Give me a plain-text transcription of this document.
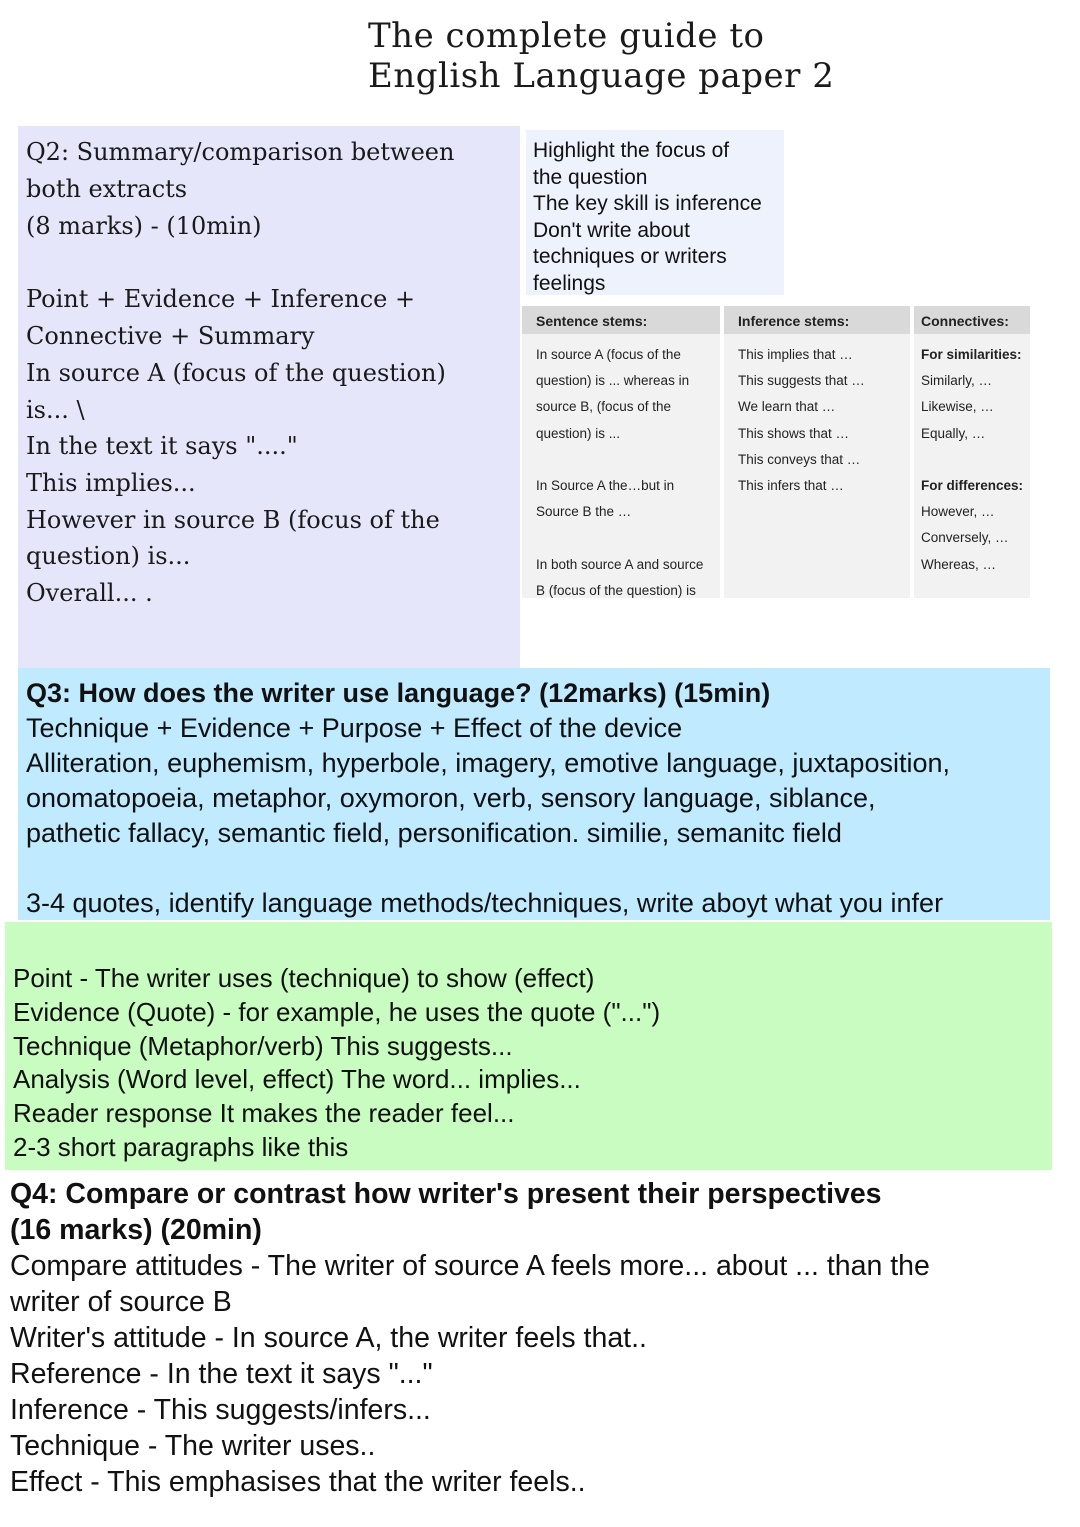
The complete guide to
English Language paper 2
Q2: Summary/comparison between
both extracts
(8 marks) - (10min)
Point + Evidence + Inference +
Connective + Summary
In source A (focus of the question)
is... \
In the text it says "...."
This implies...
However in source B (focus of the
question) is...
Overall... .
Highlight the focus of
the question
The key skill is inference
Don't write about
techniques or writers
feelings
Sentence stems:
In source A (focus of the
question) is ... whereas in
source B, (focus of the
question) is ...
In Source A the…but in
Source B the …
In both source A and source
B (focus of the question) is
Inference stems:
This implies that …
This suggests that …
We learn that …
This shows that …
This conveys that …
This infers that …
Connectives:
For similarities:
Similarly, …
Likewise, …
Equally, …
For differences:
However, …
Conversely, …
Whereas, …
Q3: How does the writer use language? (12marks) (15min)
Technique + Evidence + Purpose + Effect of the device
Alliteration, euphemism, hyperbole, imagery, emotive language, juxtaposition,
onomatopoeia, metaphor, oxymoron, verb, sensory language, siblance,
pathetic fallacy, semantic field, personification. similie, semanitc field
3-4 quotes, identify language methods/techniques, write aboyt what you infer
Point - The writer uses (technique) to show (effect)
Evidence (Quote) - for example, he uses the quote ("...")
Technique (Metaphor/verb) This suggests...
Analysis (Word level, effect) The word... implies...
Reader response It makes the reader feel...
2-3 short paragraphs like this
Q4: Compare or contrast how writer's present their perspectives
(16 marks) (20min)
Compare attitudes - The writer of source A feels more... about ... than the
writer of source B
Writer's attitude - In source A, the writer feels that..
Reference - In the text it says "..."
Inference - This suggests/infers...
Technique - The writer uses..
Effect - This emphasises that the writer feels..
